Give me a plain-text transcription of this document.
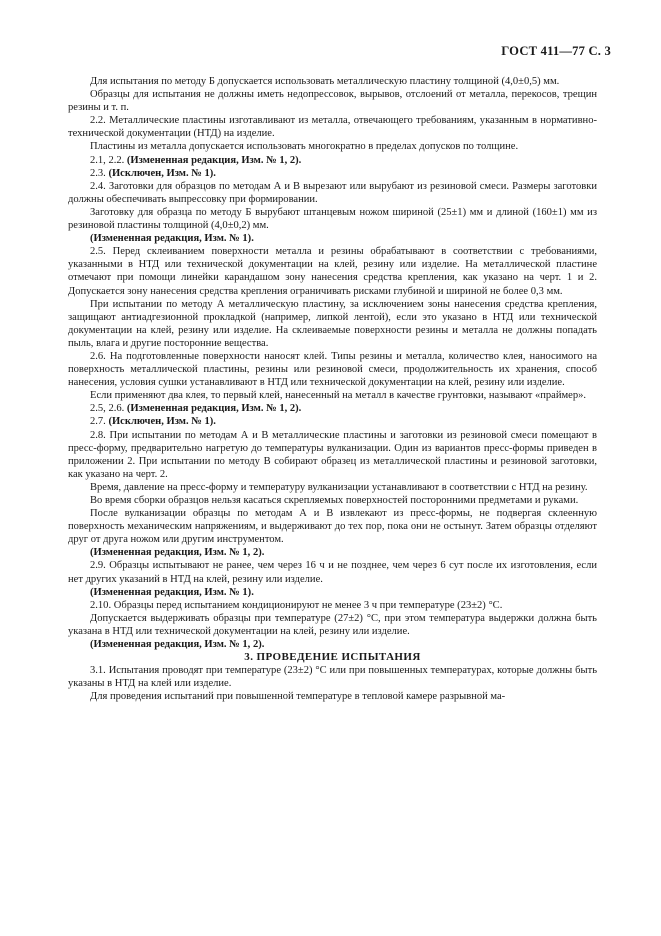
ГОСТ 411—77 С. 3

Для испытания по методу Б допускается использовать металлическую пластину толщиной (4,0±0,5) мм.

Образцы для испытания не должны иметь недопрессовок, вырывов, отслоений от металла, перекосов, трещин резины и т. п.

2.2. Металлические пластины изготавливают из металла, отвечающего требованиям, указанным в нормативно-технической документации (НТД) на изделие.

Пластины из металла допускается использовать многократно в пределах допусков по толщине.

2.1, 2.2. (Измененная редакция, Изм. № 1, 2).

2.3. (Исключен, Изм. № 1).

2.4. Заготовки для образцов по методам А и В вырезают или вырубают из резиновой смеси. Размеры заготовки должны обеспечивать выпрессовку при формировании.

Заготовку для образца по методу Б вырубают штанцевым ножом шириной (25±1) мм и длиной (160±1) мм из резиновой пластины толщиной (4,0±0,2) мм.

(Измененная редакция, Изм. № 1).

2.5. Перед склеиванием поверхности металла и резины обрабатывают в соответствии с требованиями, указанными в НТД или технической документации на клей, резину или изделие. На металлической пластине отмечают при помощи линейки карандашом зону нанесения средства крепления, как указано на черт. 1 и 2. Допускается зону нанесения средства крепления ограничивать рисками глубиной и шириной не более 0,3 мм.

При испытании по методу А металлическую пластину, за исключением зоны нанесения средства крепления, защищают антиадгезионной прокладкой (например, липкой лентой), если это указано в НТД или технической документации на клей, резину или изделие. На склеиваемые поверхности резины и металла не должны попадать пыль, влага и другие посторонние вещества.

2.6. На подготовленные поверхности наносят клей. Типы резины и металла, количество клея, наносимого на поверхность металлической пластины, резины или резиновой смеси, продолжительность их хранения, способ нанесения, условия сушки устанавливают в НТД или технической документации на клей, резину или изделие.

Если применяют два клея, то первый клей, нанесенный на металл в качестве грунтовки, называют «праймер».

2.5, 2.6. (Измененная редакция, Изм. № 1, 2).

2.7. (Исключен, Изм. № 1).

2.8. При испытании по методам А и В металлические пластины и заготовки из резиновой смеси помещают в пресс-форму, предварительно нагретую до температуры вулканизации. Один из вариантов пресс-формы приведен в приложении 2. При испытании по методу В собирают образец из металлической пластины и резиновой заготовки, как указано на черт. 2.

Время, давление на пресс-форму и температуру вулканизации устанавливают в соответствии с НТД на резину.

Во время сборки образцов нельзя касаться скрепляемых поверхностей посторонними предметами и руками.

После вулканизации образцы по методам А и В извлекают из пресс-формы, не подвергая склеенную поверхность механическим напряжениям, и выдерживают до тех пор, пока они не остынут. Затем образцы отделяют друг от друга ножом или другим инструментом.

(Измененная редакция, Изм. № 1, 2).

2.9. Образцы испытывают не ранее, чем через 16 ч и не позднее, чем через 6 сут после их изготовления, если нет других указаний в НТД на клей, резину или изделие.

(Измененная редакция, Изм. № 1).

2.10. Образцы перед испытанием кондиционируют не менее 3 ч при температуре (23±2) °С.

Допускается выдерживать образцы при температуре (27±2) °С, при этом температура выдержки должна быть указана в НТД или технической документации на клей, резину или изделие.

(Измененная редакция, Изм. № 1, 2).

3. ПРОВЕДЕНИЕ ИСПЫТАНИЯ

3.1. Испытания проводят при температуре (23±2) °С или при повышенных температурах, которые должны быть указаны в НТД на клей или изделие.

Для проведения испытаний при повышенной температуре в тепловой камере разрывной ма-
